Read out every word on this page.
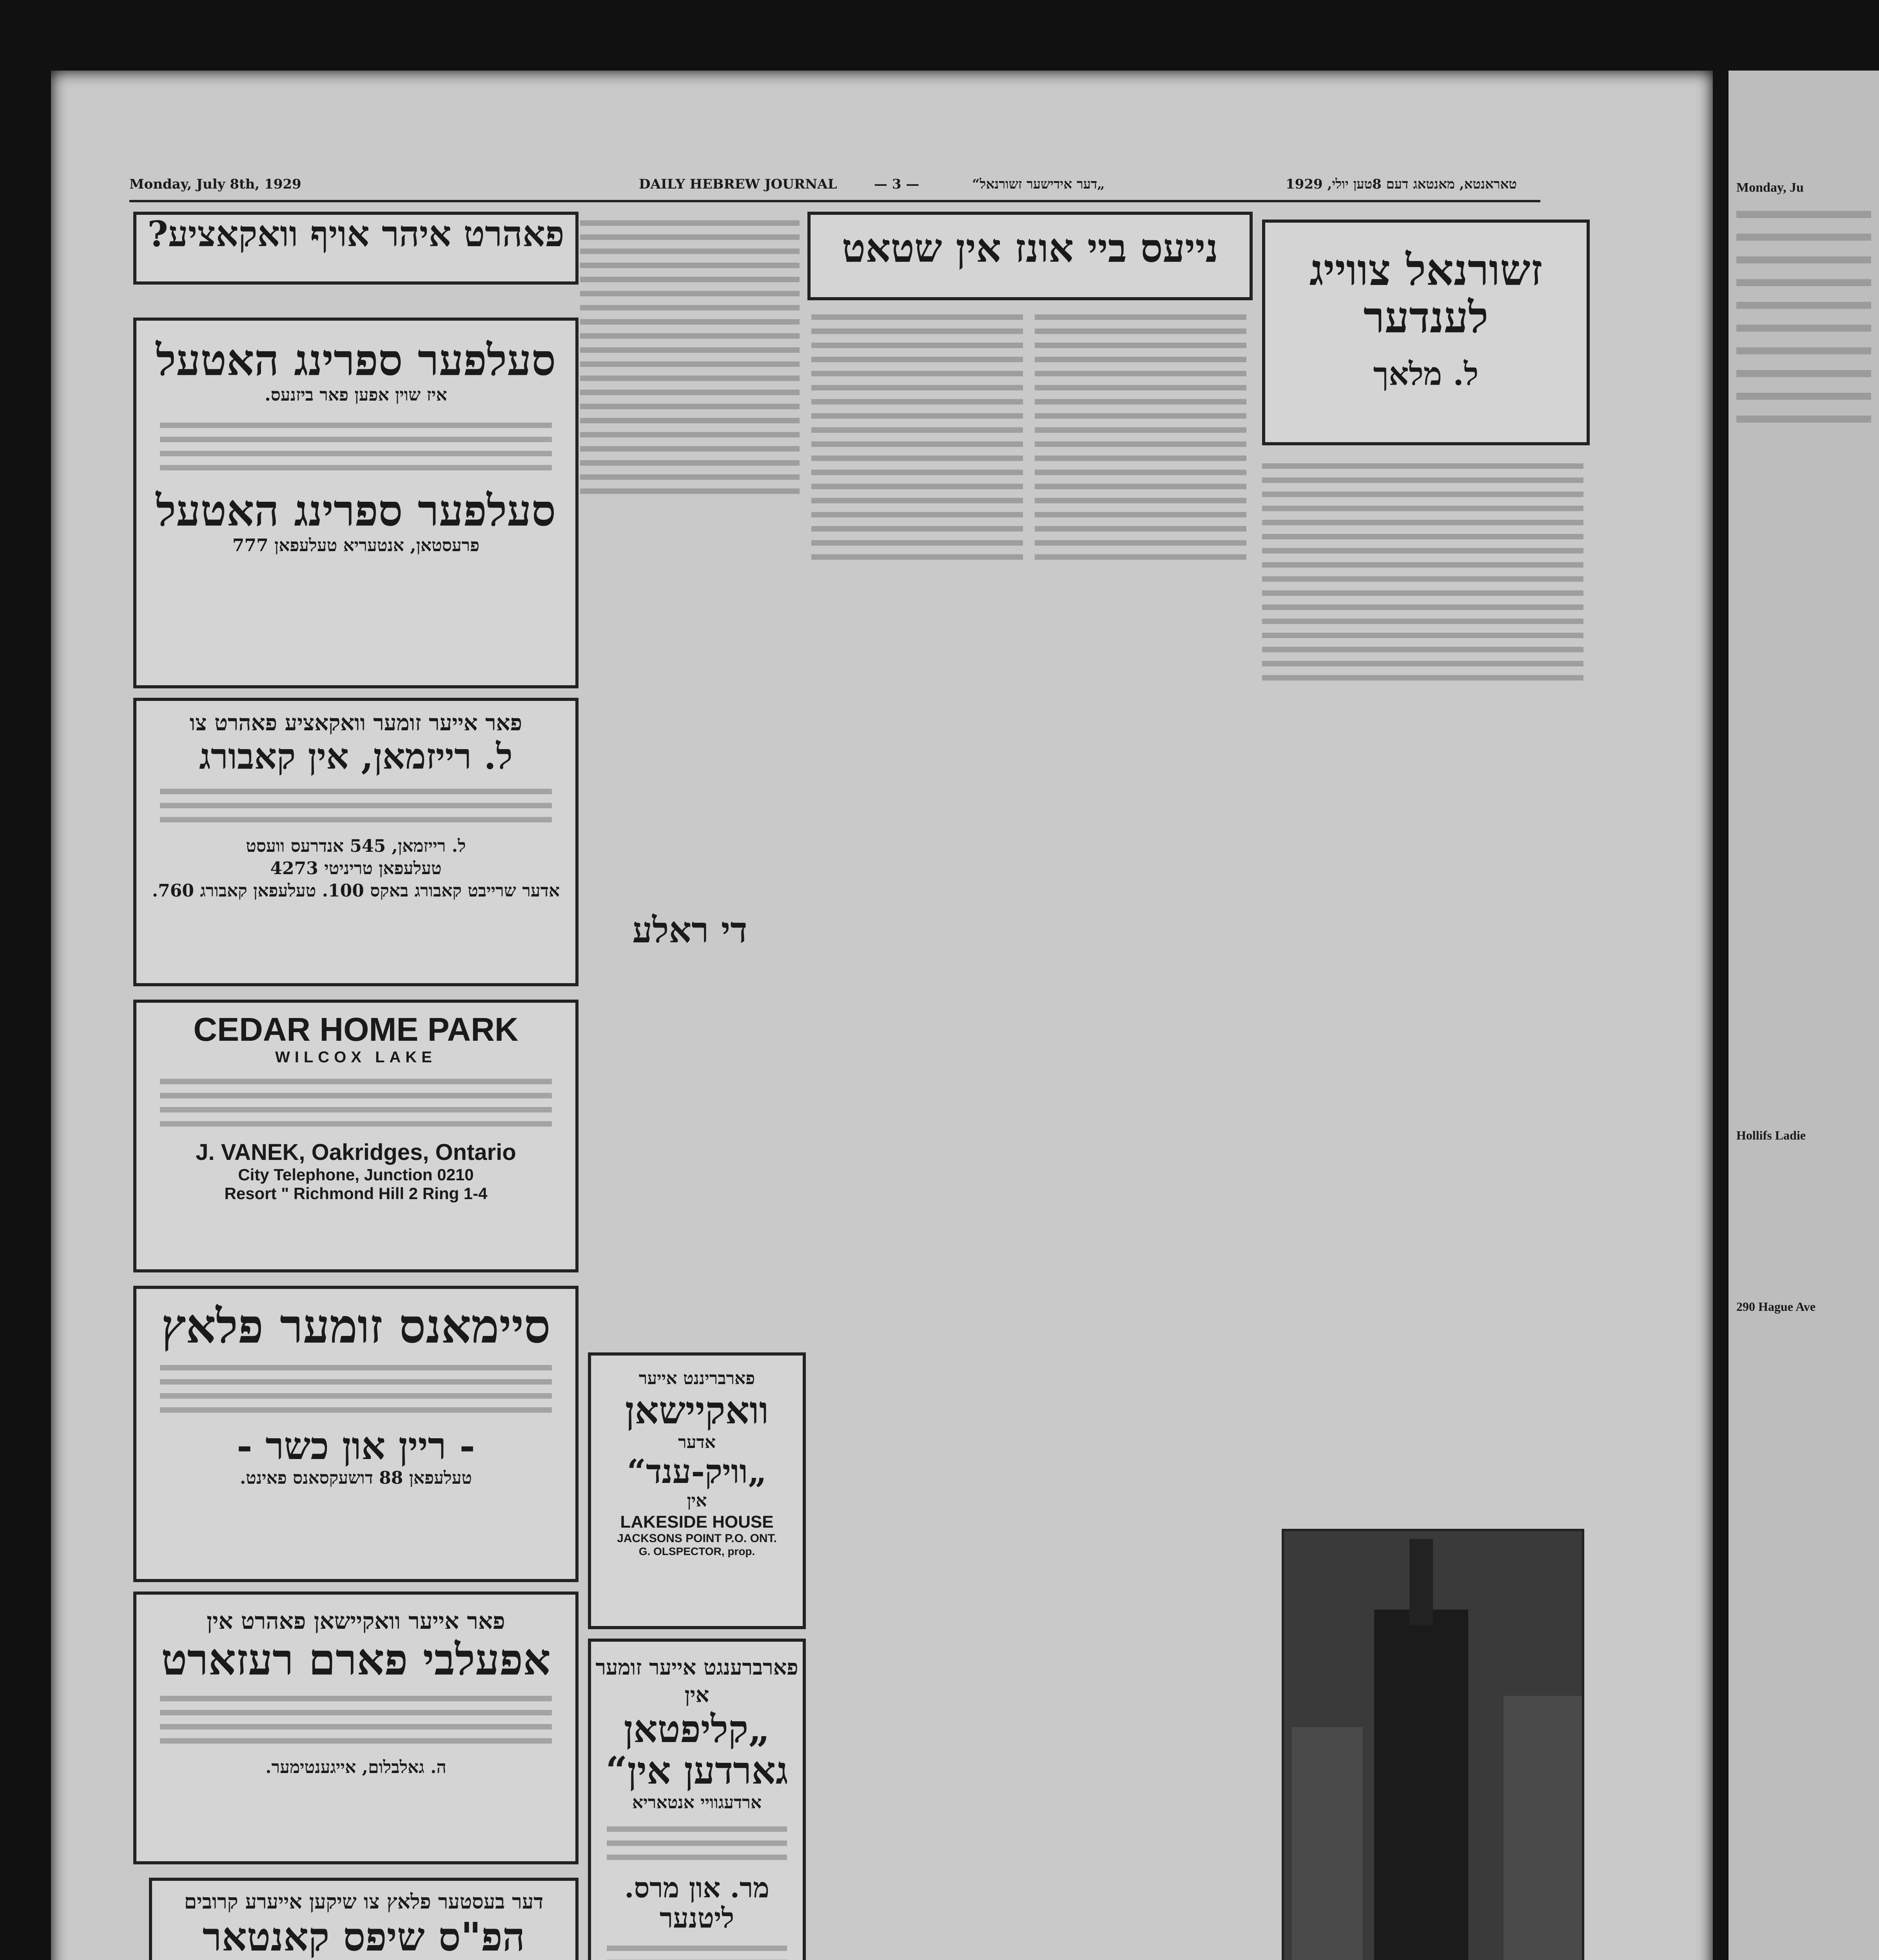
Monday, July 8th, 1929	DAILY HEBREW JOURNAL	— 3 —	„דער אידישער זשורנאל“	טאראנטא, מאנטאג דעם 8טען יולי, 1929
פאהרט איהר אויף וואקאציע?
סעלפער ספרינג האטעל
איז שוין אפען פאר ביזנעס.
סעלפער ספרינג האטעל
פרעסטאן, אנטעריא טעלעפאן 777
פאר אייער זומער וואקאציע פאהרט צו
ל. רייזמאן, אין קאבורג
ל. רייזמאן, 545 אנדרעס וועסט
טעלעפאן טריניטי 4273
אדער שרייבט קאבורג באקס 100. טעלעפאן קאבורג 760.
CEDAR HOME PARK
WILCOX LAKE
J. VANEK, Oakridges, Ontario
City Telephone, Junction 0210
Resort " Richmond Hill 2 Ring 1-4
סיימאנס זומער פלאץ
- ריין און כשר -
טעלעפאן 88 דושעקסאנס פאינט.
פאר אייער וואקיישאן פאהרט אין
אפעלבי פארם רעזארט
ה. גאלבלום, אייגענטימער.
דער בעסטער פלאץ צו שיקען אייערע קרובים
הפ"ס שיפס קאנטאר
די ראלע
פארבריננט אייער
וואקיישאן
אדער
„וויק-ענד“
אין
LAKESIDE HOUSE
JACKSONS POINT P.O. ONT.
G. OLSPECTOR, prop.
פארברענגט אייער זומער אין
„קליפטאן גארדען אין“
ארדעגוויי אנטאריא
מר. און מרס. ליטנער
נייעס ביי אונז אין שטאט	זשורנאל צווייג לענדער
ל. מלאך
Monday, Ju
Hollifs Ladie
290 Hague Ave
